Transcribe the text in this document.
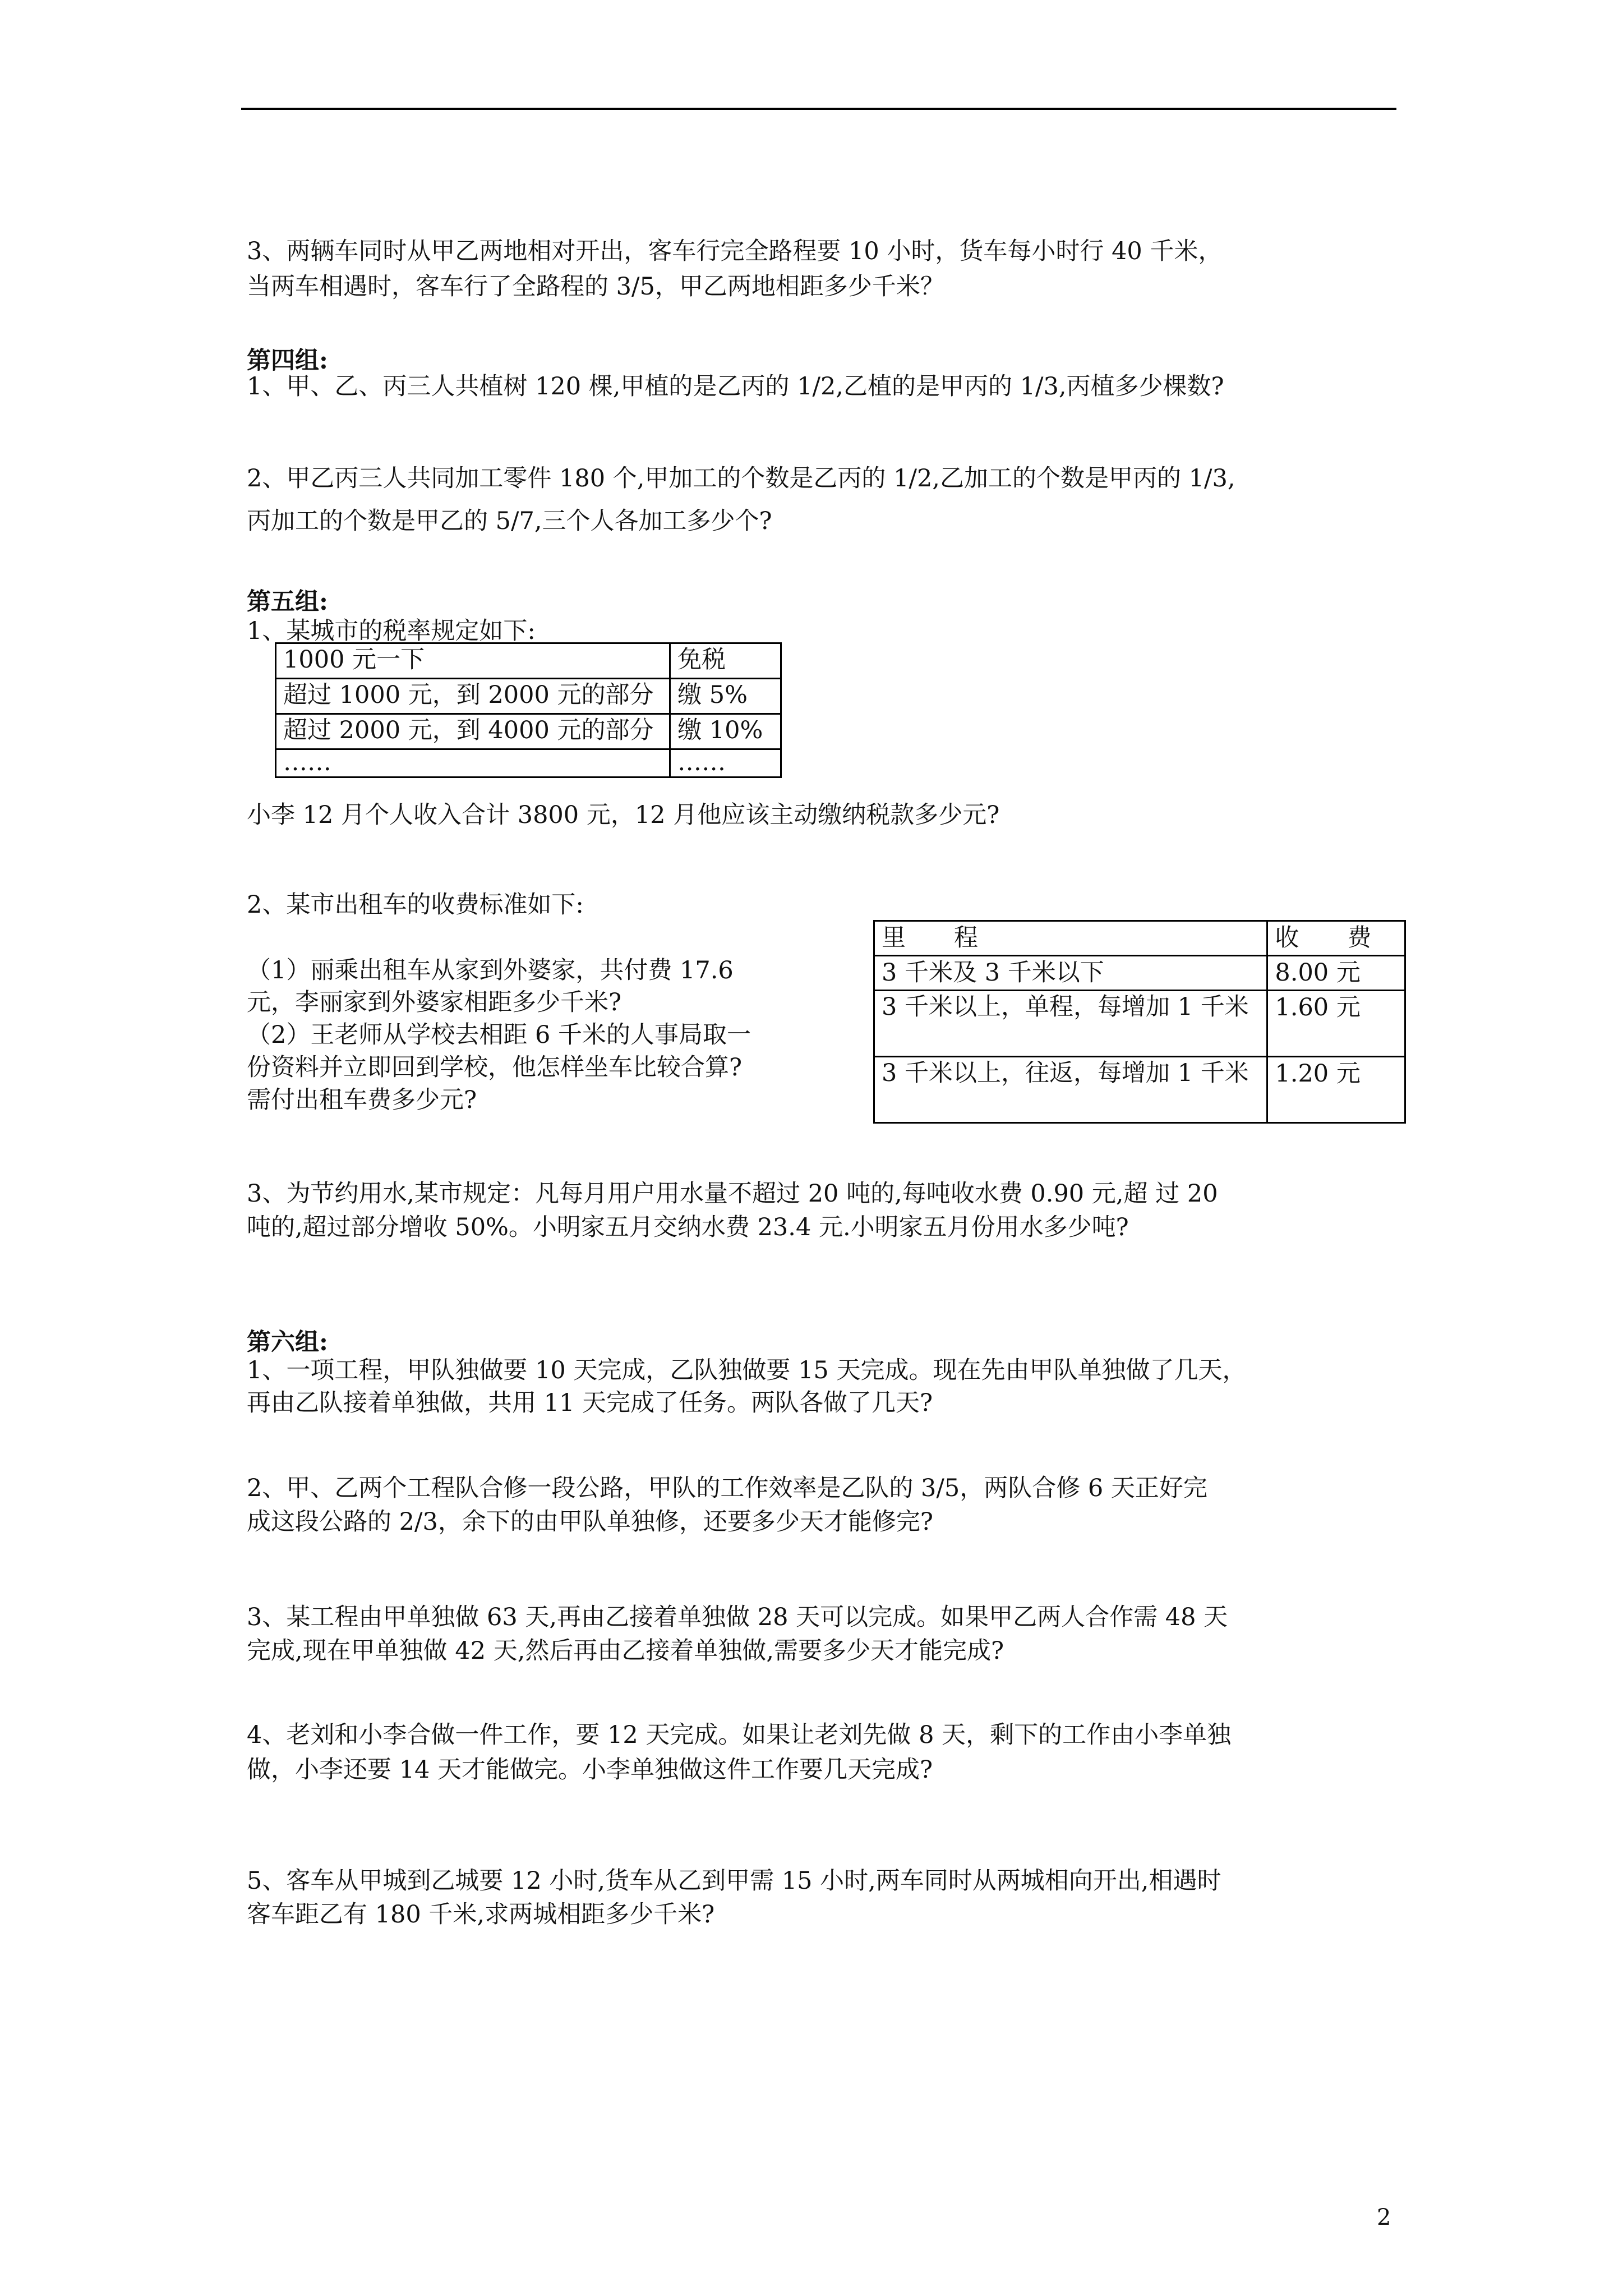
3、两辆车同时从甲乙两地相对开出，客车行完全路程要 10 小时，货车每小时行 40 千米，
当两车相遇时，客车行了全路程的 3/5，甲乙两地相距多少千米？
第四组:
1、甲、乙、丙三人共植树 120 棵,甲植的是乙丙的 1/2,乙植的是甲丙的 1/3,丙植多少棵数?
2、甲乙丙三人共同加工零件 180 个,甲加工的个数是乙丙的 1/2,乙加工的个数是甲丙的 1/3,
丙加工的个数是甲乙的 5/7,三个人各加工多少个?
第五组:
1、某城市的税率规定如下:
1000 元一下	免税

超过 1000 元，到 2000 元的部分	缴 5%

超过 2000 元，到 4000 元的部分	缴 10%

……	……
小李 12 月个人收入合计 3800 元，12 月他应该主动缴纳税款多少元?
2、某市出租车的收费标准如下:
（1）丽乘出租车从家到外婆家，共付费 17.6
元，李丽家到外婆家相距多少千米?
（2）王老师从学校去相距 6 千米的人事局取一
份资料并立即回到学校，他怎样坐车比较合算?
需付出租车费多少元?
里　　程	收　　费
3 千米及 3 千米以下	8.00 元
3 千米以上，单程，每增加 1 千米	1.60 元
3 千米以上，往返，每增加 1 千米	1.20 元
3、为节约用水,某市规定：凡每月用户用水量不超过 20 吨的,每吨收水费 0.90 元,超 过 20
吨的,超过部分增收 50%。小明家五月交纳水费 23.4 元.小明家五月份用水多少吨?
第六组:
1、一项工程，甲队独做要 10 天完成，乙队独做要 15 天完成。现在先由甲队单独做了几天，
再由乙队接着单独做，共用 11 天完成了任务。两队各做了几天?
2、甲、乙两个工程队合修一段公路，甲队的工作效率是乙队的 3/5，两队合修 6 天正好完
成这段公路的 2/3，余下的由甲队单独修，还要多少天才能修完?
3、某工程由甲单独做 63 天,再由乙接着单独做 28 天可以完成。如果甲乙两人合作需 48 天
完成,现在甲单独做 42 天,然后再由乙接着单独做,需要多少天才能完成?
4、老刘和小李合做一件工作，要 12 天完成。如果让老刘先做 8 天，剩下的工作由小李单独
做，小李还要 14 天才能做完。小李单独做这件工作要几天完成?
5、客车从甲城到乙城要 12 小时,货车从乙到甲需 15 小时,两车同时从两城相向开出,相遇时
客车距乙有 180 千米,求两城相距多少千米?
2
